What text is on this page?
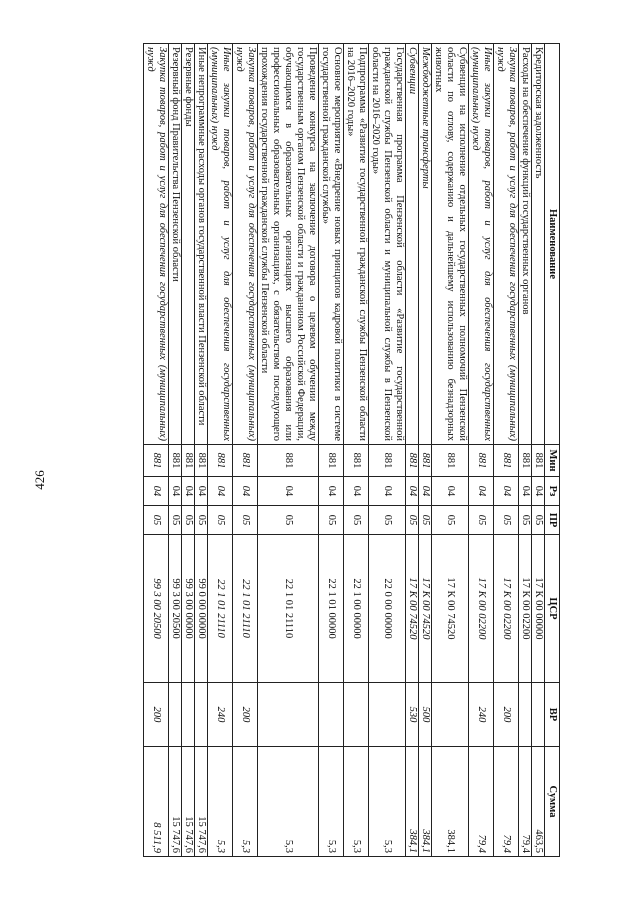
426
Наименование	Мин	Рз	ПР	ЦСР	ВР	Сумма
Кредиторская задолженность	881	04	05	17 К 00 00000		463,5
Расходы на обеспечение функций государственных органов	881	04	05	17 К 00 02200		79,4
Закупка товаров, работ и услуг для обеспечения государственных (муниципальных) нужд	881	04	05	17 К 00 02200	200	79,4
Иные закупки товаров, работ и услуг для обеспечения государственных (муниципальных) нужд	881	04	05	17 К 00 02200	240	79,4
Субвенции на исполнение отдельных государственных полномочий Пензенской области по отлову, содержанию и дальнейшему использованию безнадзорных животных	881	04	05	17 К 00 74520		384,1
Межбюджетные трансферты	881	04	05	17 К 00 74520	500	384,1
Субвенции	881	04	05	17 К 00 74520	530	384,1
Государственная программа Пензенской области «Развитие государственной гражданской службы Пензенской области и муниципальной службы в Пензенской области на 2016–2020 годы»	881	04	05	22 0 00 00000		5,3
Подпрограмма «Развитие государственной гражданской службы Пензенской области на 2016–2020 годы»	881	04	05	22 1 00 00000		5,3
Основное мероприятие «Внедрение новых принципов кадровой политики в системе государственной гражданской службы»	881	04	05	22 1 01 00000		5,3
Проведение конкурса на заключение договора о целевом обучении между государственным органом Пензенской области и гражданином Российской Федерации, обучающимся в образовательных организациях высшего образования или профессиональных образовательных организациях, с обязательством последующего прохождения государственной гражданской службы Пензенской области	881	04	05	22 1 01 21110		5,3
Закупка товаров, работ и услуг для обеспечения государственных (муниципальных) нужд	881	04	05	22 1 01 21110	200	5,3
Иные закупки товаров, работ и услуг для обеспечения государственных (муниципальных) нужд	881	04	05	22 1 01 21110	240	5,3
Иные непрограммные расходы органов государственной власти Пензенской области	881	04	05	99 0 00 00000		15 747,6
Резервные фонды	881	04	05	99 3 00 00000		15 747,6
Резервный фонд Правительства Пензенской области	881	04	05	99 3 00 20500		15 747,6
Закупка товаров, работ и услуг для обеспечения государственных (муниципальных) нужд	881	04	05	99 3 00 20500	200	8 511,9
